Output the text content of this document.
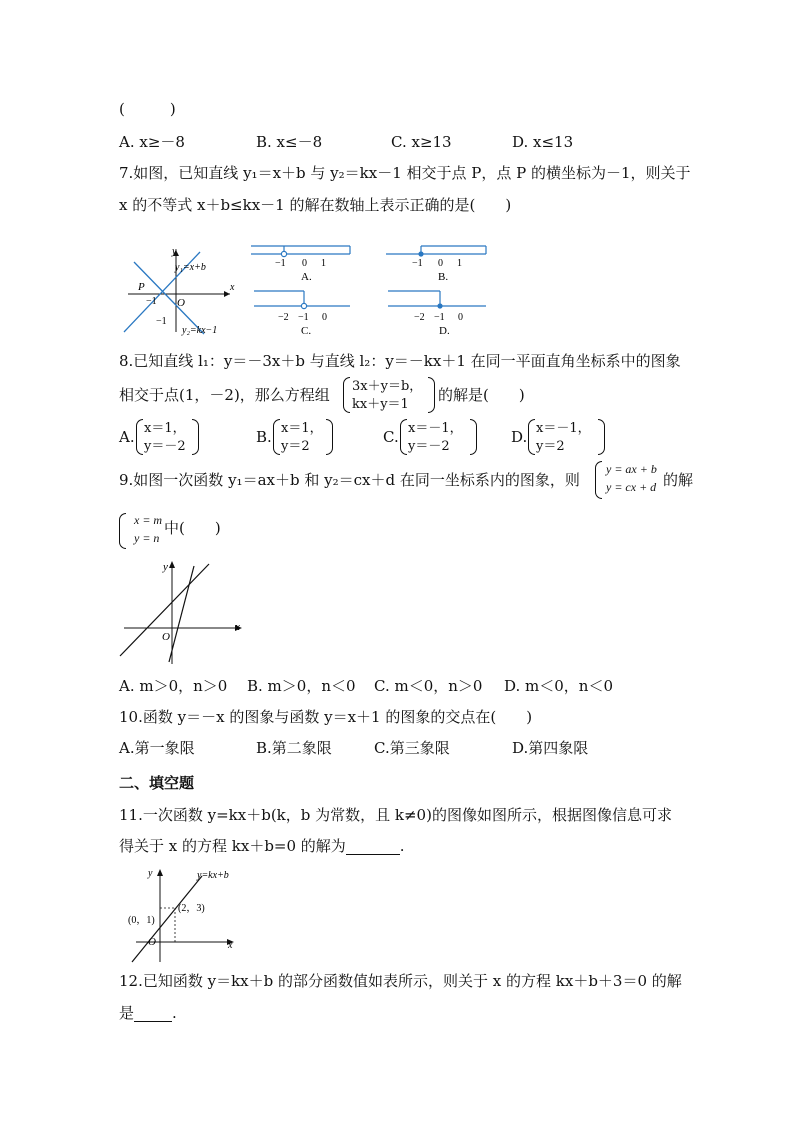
(　　　)
A. x≥－8	B. x≤－8	C. x≥13	D. x≤13
7.如图，已知直线 y₁＝x＋b 与 y₂＝kx－1 相交于点 P，点 P 的横坐标为－1，则关于
x 的不等式 x＋b≤kx－1 的解在数轴上表示正确的是(　　)
y₁=x+b
y₂=kx−1
P
−1
−1
O
x
y
−1 0 1
A.
−1 0 1
B.
−2 −1 0
C.
−2 −1 0
D.
8.已知直线 l₁：y＝－3x＋b 与直线 l₂：y＝－kx＋1 在同一平面直角坐标系中的图象
相交于点(1，－2)，那么方程组 3x＋y＝b，
kx＋y＝1
的解是(　　)
A. x＝1，
y＝－2
B. x＝1，
y＝2
C. x＝－1，
y＝－2
D. x＝－1，
y＝2
9.如图一次函数 y₁＝ax＋b 和 y₂＝cx＋d 在同一坐标系内的图象，则
y = ax + b
y = cx + d 的解
x = m
y = n
中(　　)
O
x
y
A. m＞0，n＞0 B. m＞0，n＜0 C. m＜0，n＞0 D. m＜0，n＜0
10.函数 y＝－x 的图象与函数 y＝x＋1 的图象的交点在(　　)
A.第一象限	B.第二象限	C.第三象限	D.第四象限
二、填空题
11.一次函数 y=kx＋b(k，b 为常数，且 k≠0)的图像如图所示，根据图像信息可求
得关于 x 的方程 kx＋b=0 的解为	.
y=kx+b
(2，3)
(0，1)
O	x
y
12.已知函数 y＝kx＋b 的部分函数值如表所示，则关于 x 的方程 kx＋b＋3＝0 的解
是	.
